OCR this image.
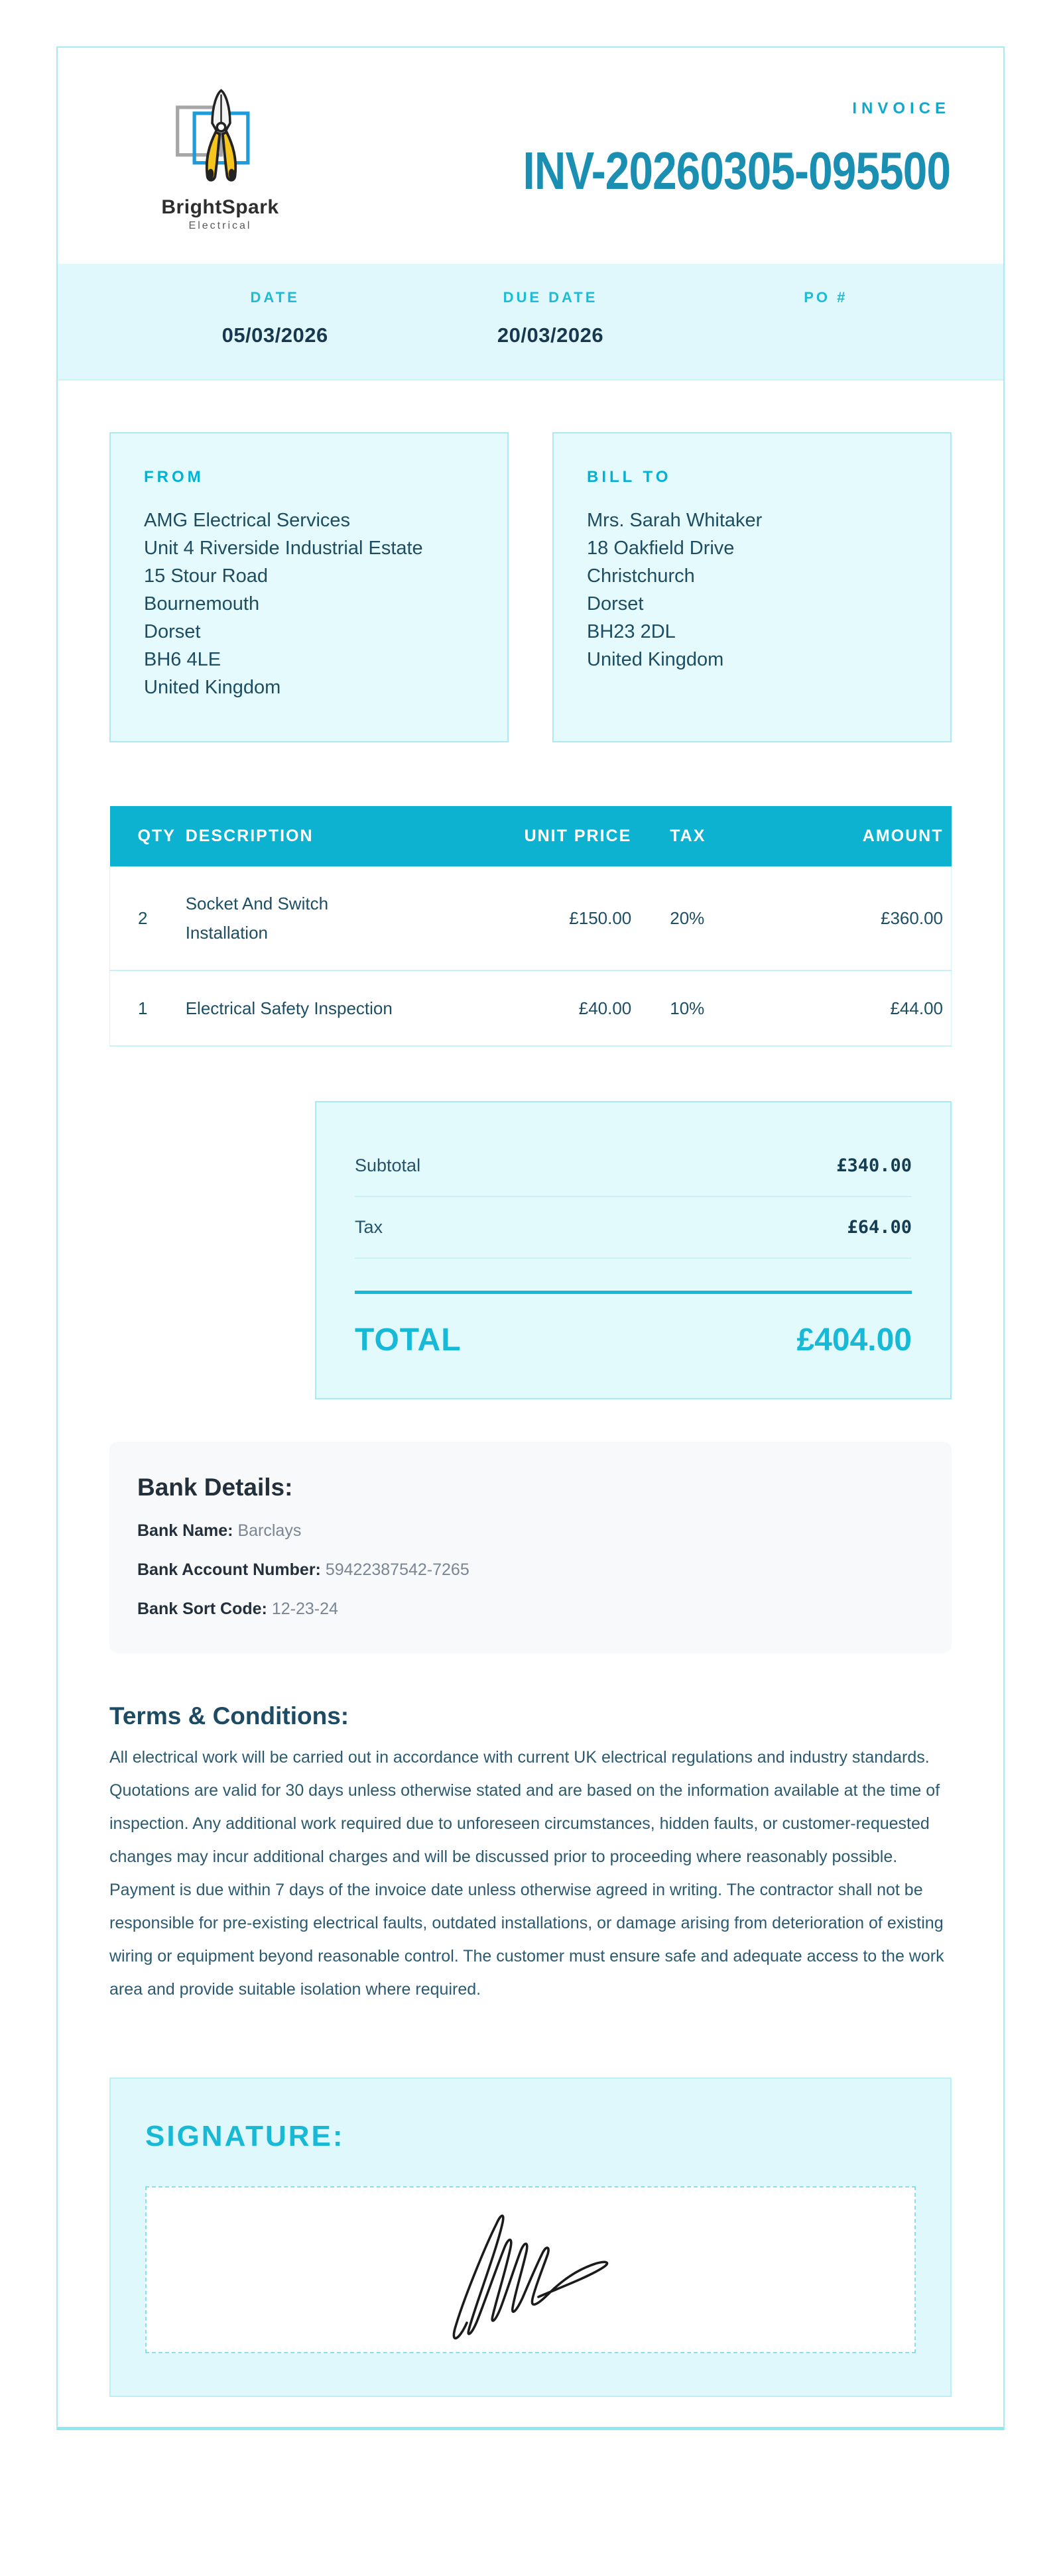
BrightSpark
Electrical
INVOICE
INV-20260305-095500
DATE
05/03/2026
DUE DATE
20/03/2026
PO #
FROM
AMG Electrical Services
Unit 4 Riverside Industrial Estate
15 Stour Road
Bournemouth
Dorset
BH6 4LE
United Kingdom
BILL TO
Mrs. Sarah Whitaker
18 Oakfield Drive
Christchurch
Dorset
BH23 2DL
United Kingdom
QTY	DESCRIPTION	UNIT PRICE	TAX	AMOUNT
2	Socket And Switch Installation	£150.00	20%	£360.00
1	Electrical Safety Inspection	£40.00	10%	£44.00
Subtotal	£340.00
Tax	£64.00
TOTAL	£404.00
Bank Details:
Bank Name: Barclays
Bank Account Number: 59422387542-7265
Bank Sort Code: 12-23-24
Terms & Conditions:
All electrical work will be carried out in accordance with current UK electrical regulations and industry standards. Quotations are valid for 30 days unless otherwise stated and are based on the information available at the time of inspection. Any additional work required due to unforeseen circumstances, hidden faults, or customer-requested changes may incur additional charges and will be discussed prior to proceeding where reasonably possible. Payment is due within 7 days of the invoice date unless otherwise agreed in writing. The contractor shall not be responsible for pre-existing electrical faults, outdated installations, or damage arising from deterioration of existing wiring or equipment beyond reasonable control. The customer must ensure safe and adequate access to the work area and provide suitable isolation where required.
SIGNATURE:
